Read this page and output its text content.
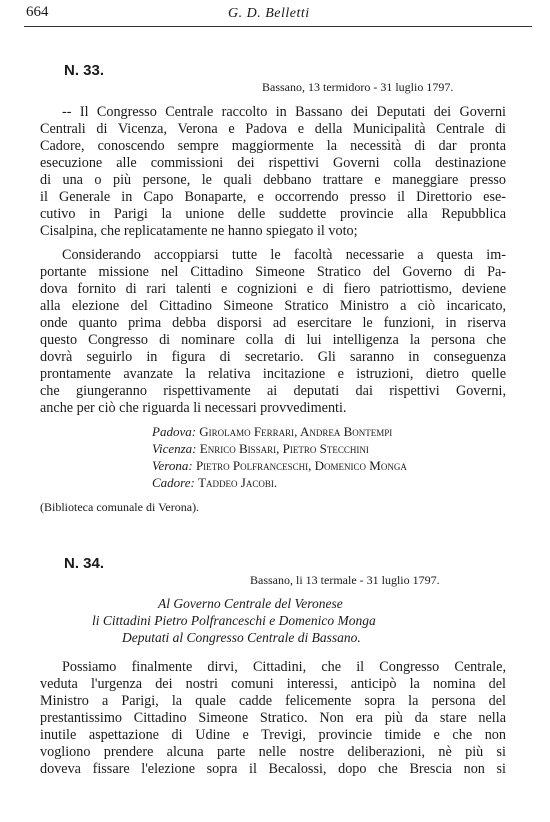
664	G. D. Belletti
N. 33.
Bassano, 13 termidoro - 31 luglio 1797.
-- Il Congresso Centrale raccolto in Bassano dei Deputati dei Governi
Centrali di Vicenza, Verona e Padova e della Municipalità Centrale di
Cadore, conoscendo sempre maggiormente la necessità di dar pronta
esecuzione alle commissioni dei rispettivi Governi colla destinazione
di una o più persone, le quali debbano trattare e maneggiare presso
il Generale in Capo Bonaparte, e occorrendo presso il Direttorio ese-
cutivo in Parigi la unione delle suddette provincie alla Repubblica
Cisalpina, che replicatamente ne hanno spiegato il voto;
Considerando accoppiarsi tutte le facoltà necessarie a questa im-
portante missione nel Cittadino Simeone Stratico del Governo di Pa-
dova fornito di rari talenti e cognizioni e di fiero patriottismo, deviene
alla elezione del Cittadino Simeone Stratico Ministro a ciò incaricato,
onde quanto prima debba disporsi ad esercitare le funzioni, in riserva
questo Congresso di nominare colla di lui intelligenza la persona che
dovrà seguirlo in figura di secretario. Gli saranno in conseguenza
prontamente avanzate la relativa incitazione e istruzioni, dietro quelle
che giungeranno rispettivamente ai deputati dai rispettivi Governi,
anche per ciò che riguarda li necessari provvedimenti.
Padova: Girolamo Ferrari, Andrea Bontempi
Vicenza: Enrico Bissari, Pietro Stecchini
Verona: Pietro Polfranceschi, Domenico Monga
Cadore: Taddeo Jacobi.
(Biblioteca comunale di Verona).
N. 34.
Bassano, li 13 termale - 31 luglio 1797.
Al Governo Centrale del Veronese
li Cittadini Pietro Polfranceschi e Domenico Monga
Deputati al Congresso Centrale di Bassano.
Possiamo finalmente dirvi, Cittadini, che il Congresso Centrale,
veduta l'urgenza dei nostri comuni interessi, anticipò la nomina del
Ministro a Parigi, la quale cadde felicemente sopra la persona del
prestantissimo Cittadino Simeone Stratico. Non era più da stare nella
inutile aspettazione di Udine e Trevigi, provincie timide e che non
vogliono prendere alcuna parte nelle nostre deliberazioni, nè più si
doveva fissare l'elezione sopra il Becalossi, dopo che Brescia non si
